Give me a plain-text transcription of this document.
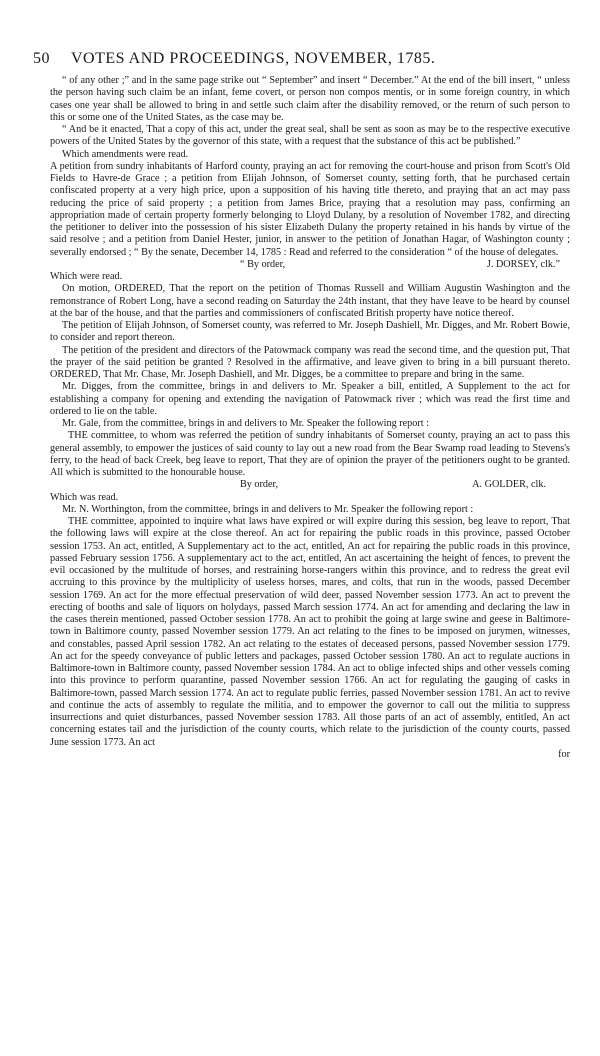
50 VOTES AND PROCEEDINGS, NOVEMBER, 1785.

“ of any other ;” and in the same page strike out “ September” and insert “ December.” At the end of the bill insert, “ unless the person having such claim be an infant, feme covert, or person non compos mentis, or in some foreign country, in which cases one year shall be allowed to bring in and settle such claim after the disability removed, or the return of such person to this or some one of the United States, as the case may be.

“ And be it enacted, That a copy of this act, under the great seal, shall be sent as soon as may be to the respective executive powers of the United States by the governor of this state, with a request that the substance of this act be published.”

Which amendments were read.

A petition from sundry inhabitants of Harford county, praying an act for removing the court-house and prison from Scott's Old Fields to Havre-de Grace ; a petition from Elijah Johnson, of Somerset county, setting forth, that he purchased certain confiscated property at a very high price, upon a supposition of his having title thereto, and praying that an act may pass reducing the price of said property ; a petition from James Brice, praying that a resolution may pass, confirming an appropriation made of certain property formerly belonging to Lloyd Dulany, by a resolution of November 1782, and directing the petitioner to deliver into the possession of his sister Elizabeth Dulany the property retained in his hands by virtue of the said resolve ; and a petition from Daniel Hester, junior, in answer to the petition of Jonathan Hagar, of Washington county ; severally endorsed ; “ By the senate, December 14, 1785 : Read and referred to the consideration “ of the house of delegates.

“ By order,	J. DORSEY, clk.”

Which were read.

On motion, ORDERED, That the report on the petition of Thomas Russell and William Augustin Washington and the remonstrance of Robert Long, have a second reading on Saturday the 24th instant, that they have leave to be heard by counsel at the bar of the house, and that the parties and commissioners of confiscated British property have notice thereof.

The petition of Elijah Johnson, of Somerset county, was referred to Mr. Joseph Dashiell, Mr. Digges, and Mr. Robert Bowie, to consider and report thereon.

The petition of the president and directors of the Patowmack company was read the second time, and the question put, That the prayer of the said petition be granted ? Resolved in the affirmative, and leave given to bring in a bill pursuant thereto. ORDERED, That Mr. Chase, Mr. Joseph Dashiell, and Mr. Digges, be a committee to prepare and bring in the same.

Mr. Digges, from the committee, brings in and delivers to Mr. Speaker a bill, entitled, A Supplement to the act for establishing a company for opening and extending the navigation of Patowmack river ; which was read the first time and ordered to lie on the table.

Mr. Gale, from the committee, brings in and delivers to Mr. Speaker the following report :

THE committee, to whom was referred the petition of sundry inhabitants of Somerset county, praying an act to pass this general assembly, to empower the justices of said county to lay out a new road from the Bear Swamp road leading to Stevens's ferry, to the head of back Creek, beg leave to report, That they are of opinion the prayer of the petitioners ought to be granted. All which is submitted to the honourable house.

By order,	A. GOLDER, clk.

Which was read.

Mr. N. Worthington, from the committee, brings in and delivers to Mr. Speaker the following report :

THE committee, appointed to inquire what laws have expired or will expire during this session, beg leave to report, That the following laws will expire at the close thereof. An act for repairing the public roads in this province, passed October session 1753. An act, entitled, A Supplementary act to the act, entitled, An act for repairing the public roads in this province, passed February session 1756. A supplementary act to the act, entitled, An act ascertaining the height of fences, to prevent the evil occasioned by the multitude of horses, and restraining horse-rangers within this province, and to redress the great evil accruing to this province by the multiplicity of useless horses, mares, and colts, that run in the woods, passed December session 1769. An act for the more effectual preservation of wild deer, passed November session 1773. An act to prevent the erecting of booths and sale of liquors on holydays, passed March session 1774. An act for amending and declaring the law in the cases therein mentioned, passed October session 1778. An act to prohibit the going at large swine and geese in Baltimore-town in Baltimore county, passed November session 1779. An act relating to the fines to be imposed on jurymen, witnesses, and constables, passed April session 1782. An act relating to the estates of deceased persons, passed November session 1779. An act for the speedy conveyance of public letters and packages, passed October session 1780. An act to regulate auctions in Baltimore-town in Baltimore county, passed November session 1784. An act to oblige infected ships and other vessels coming into this province to perform quarantine, passed November session 1766. An act for regulating the gauging of casks in Baltimore-town, passed March session 1774. An act to regulate public ferries, passed November session 1781. An act to revive and continue the acts of assembly to regulate the militia, and to empower the governor to call out the militia to suppress insurrections and quiet disturbances, passed November session 1783. All those parts of an act of assembly, entitled, An act concerning estates tail and the jurisdiction of the county courts, which relate to the jurisdiction of the county courts, passed June session 1773. An act

for
